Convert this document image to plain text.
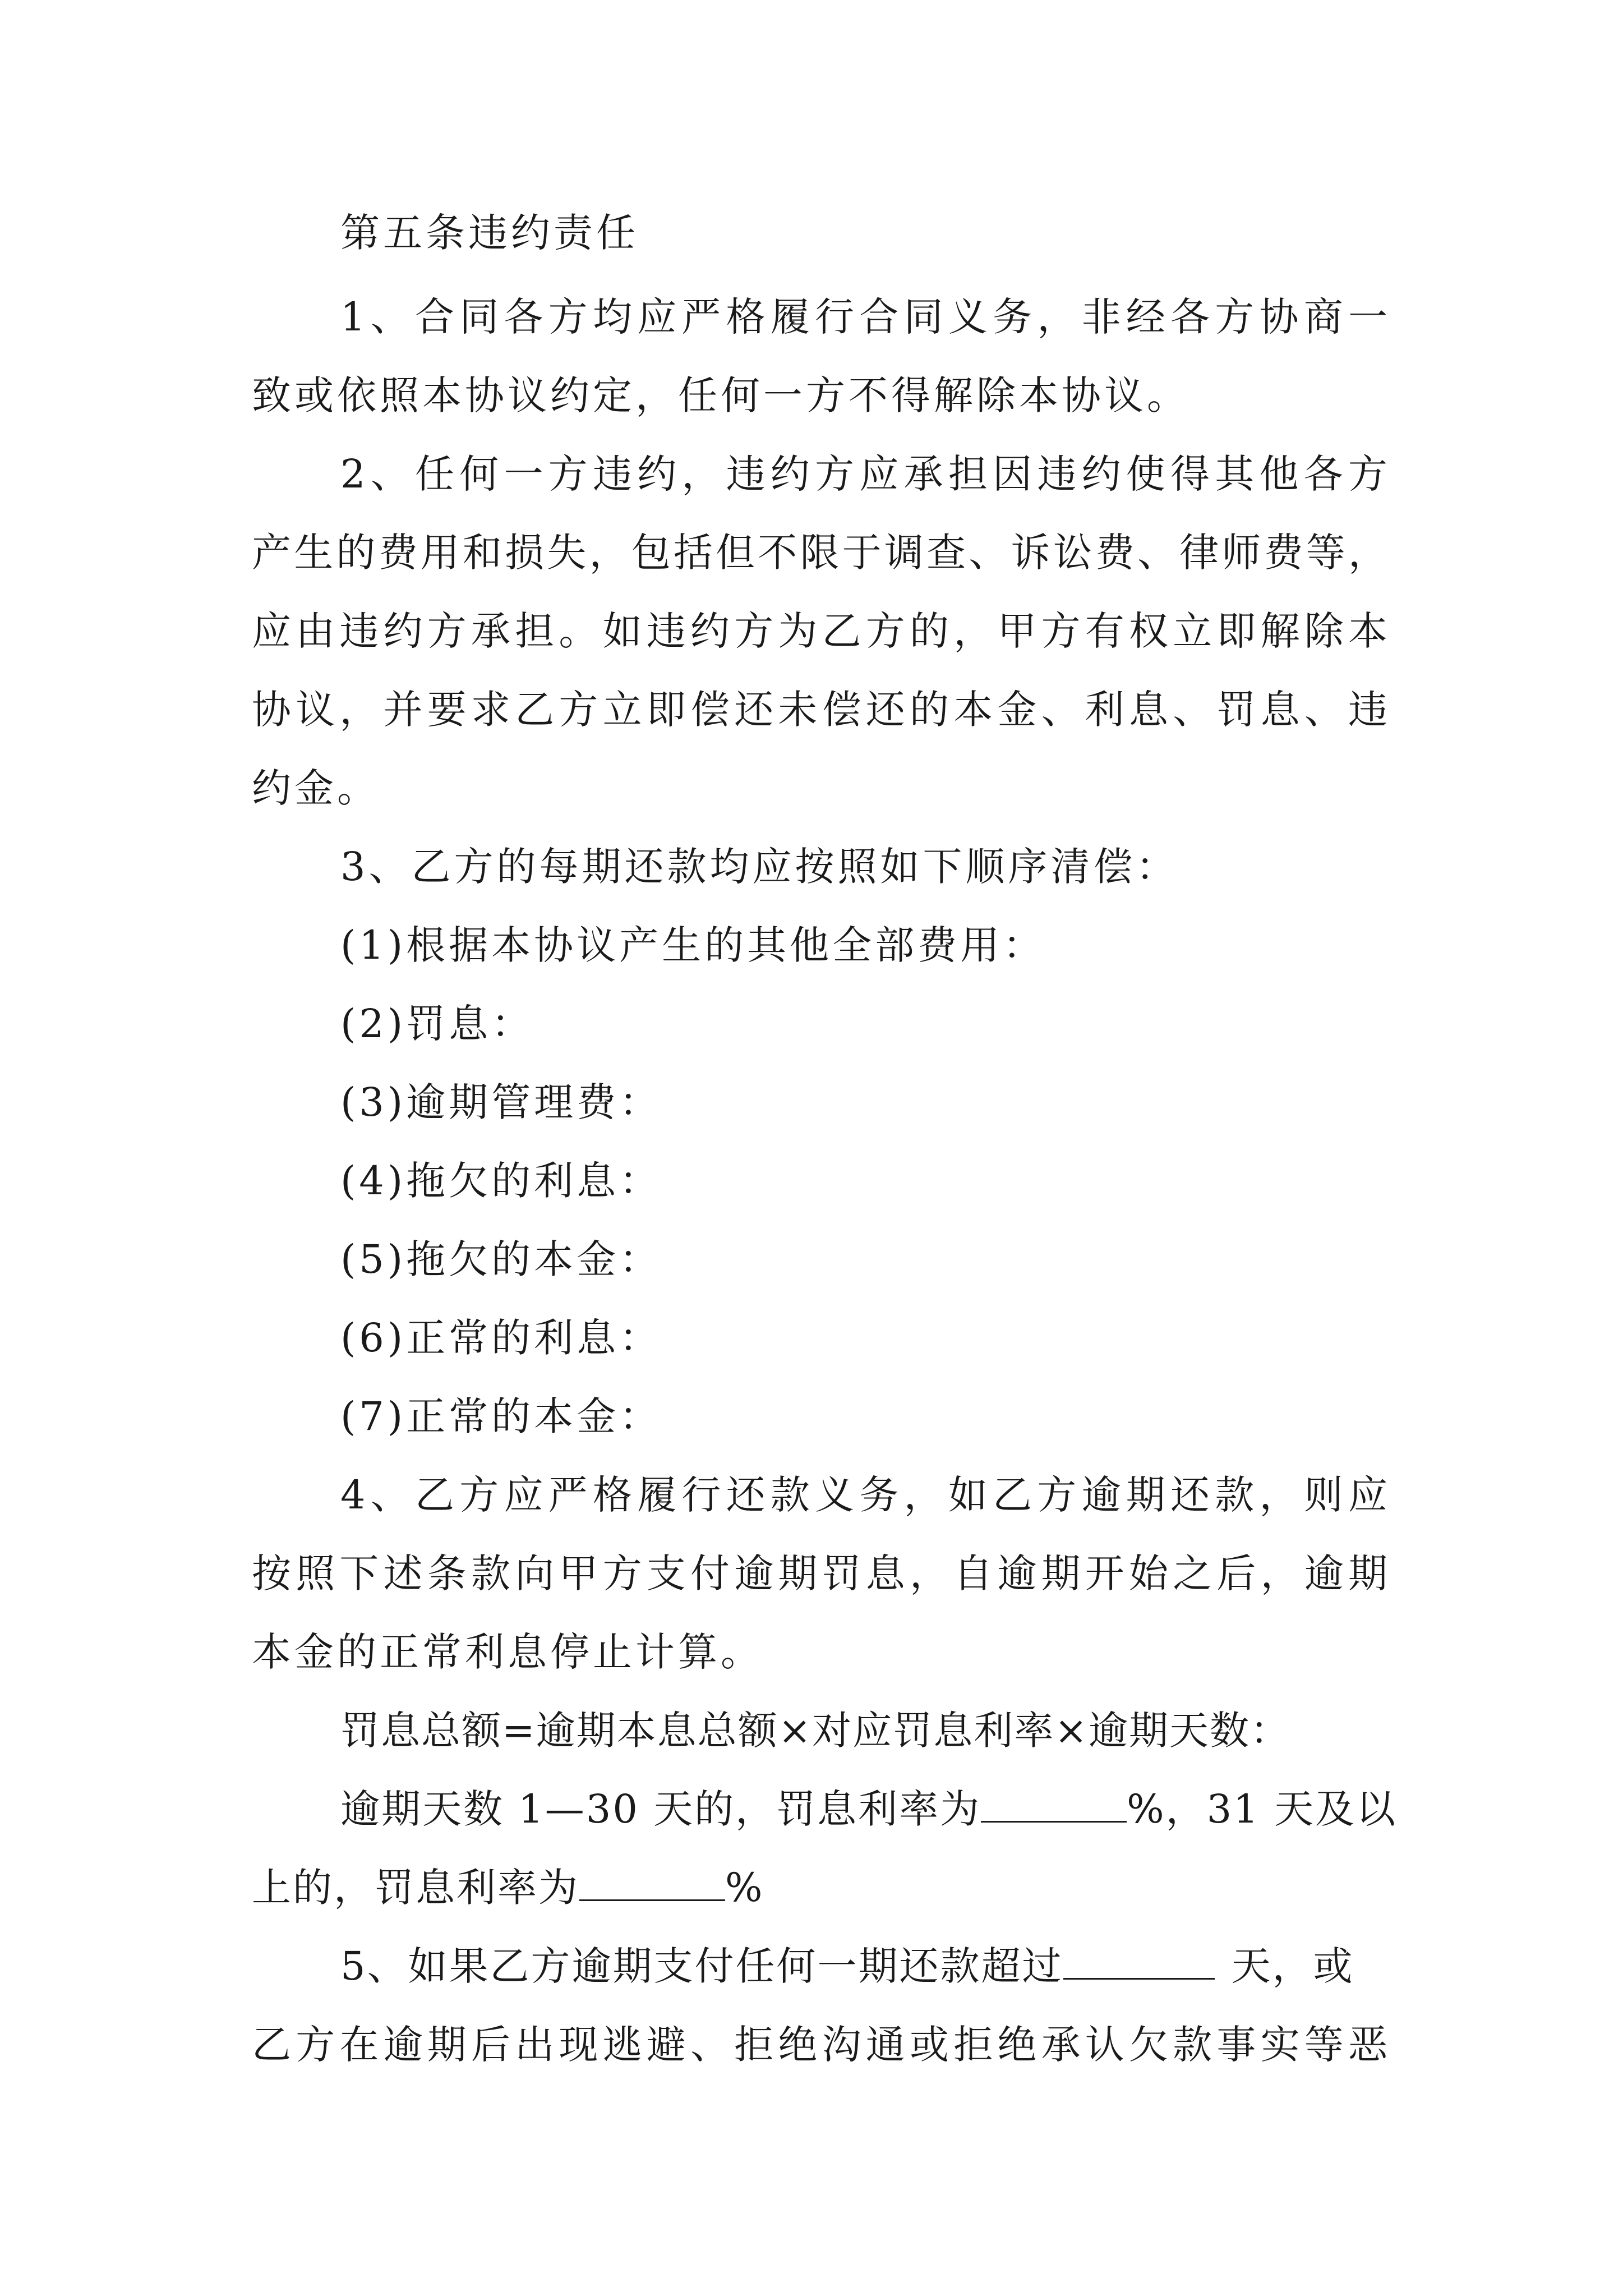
第五条违约责任

1、合同各方均应严格履行合同义务，非经各方协商一

致或依照本协议约定，任何一方不得解除本协议。

2、任何一方违约，违约方应承担因违约使得其他各方

产生的费用和损失，包括但不限于调查、诉讼费、律师费等，

应由违约方承担。如违约方为乙方的，甲方有权立即解除本

协议，并要求乙方立即偿还未偿还的本金、利息、罚息、违

约金。

3、乙方的每期还款均应按照如下顺序清偿：

(1)根据本协议产生的其他全部费用：

(2)罚息：

(3)逾期管理费：

(4)拖欠的利息：

(5)拖欠的本金：

(6)正常的利息：

(7)正常的本金：

4、乙方应严格履行还款义务，如乙方逾期还款，则应

按照下述条款向甲方支付逾期罚息，自逾期开始之后，逾期

本金的正常利息停止计算。

罚息总额=逾期本息总额×对应罚息利率×逾期天数：

逾期天数 1—30 天的，罚息利率为	%，31 天及以

上的，罚息利率为	%

5、如果乙方逾期支付任何一期还款超过	天，或

乙方在逾期后出现逃避、拒绝沟通或拒绝承认欠款事实等恶
